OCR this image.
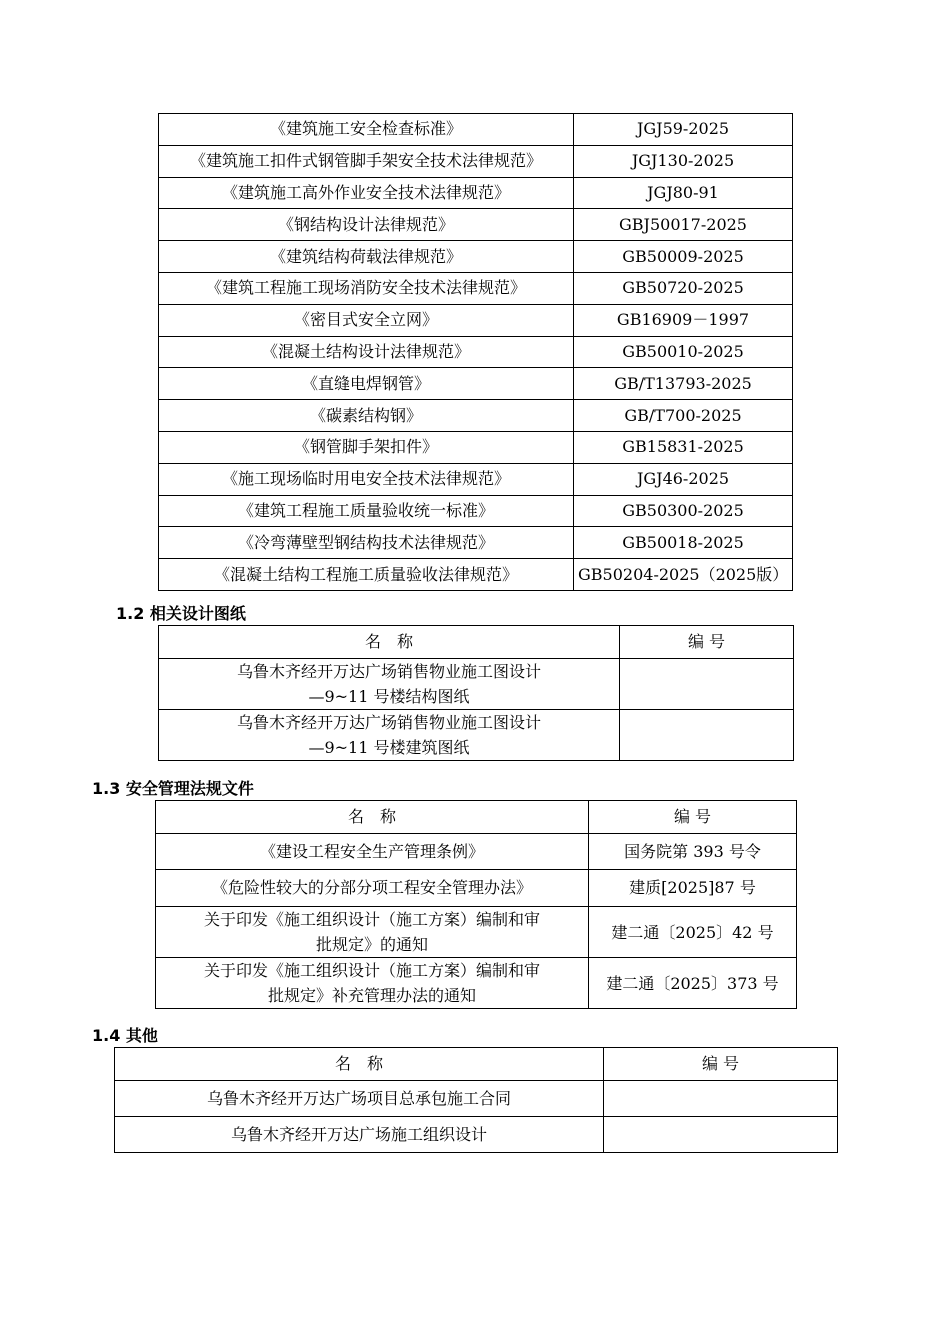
《建筑施工安全检查标准》	JGJ59-2025

《建筑施工扣件式钢管脚手架安全技术法律规范》	JGJ130-2025

《建筑施工高外作业安全技术法律规范》	JGJ80-91

《钢结构设计法律规范》	GBJ50017-2025

《建筑结构荷载法律规范》	GB50009-2025

《建筑工程施工现场消防安全技术法律规范》	GB50720-2025

《密目式安全立网》	GB16909－1997

《混凝土结构设计法律规范》	GB50010-2025

《直缝电焊钢管》	GB/T13793-2025

《碳素结构钢》	GB/T700-2025

《钢管脚手架扣件》	GB15831-2025

《施工现场临时用电安全技术法律规范》	JGJ46-2025

《建筑工程施工质量验收统一标准》	GB50300-2025

《冷弯薄壁型钢结构技术法律规范》	GB50018-2025

《混凝土结构工程施工质量验收法律规范》	GB50204-2025（2025版）
1.2 相关设计图纸
名　称	编 号

乌鲁木齐经开万达广场销售物业施工图设计
—9~11 号楼结构图纸	

乌鲁木齐经开万达广场销售物业施工图设计
—9~11 号楼建筑图纸	

1.3 安全管理法规文件
名　称	编 号

《建设工程安全生产管理条例》	国务院第 393 号令

《危险性较大的分部分项工程安全管理办法》	建质[2025]87 号

关于印发《施工组织设计（施工方案）编制和审
批规定》的通知	建二通〔2025〕42 号

关于印发《施工组织设计（施工方案）编制和审
批规定》补充管理办法的通知	建二通〔2025〕373 号
1.4 其他
名　称	编 号
乌鲁木齐经开万达广场项目总承包施工合同	
乌鲁木齐经开万达广场施工组织设计	
